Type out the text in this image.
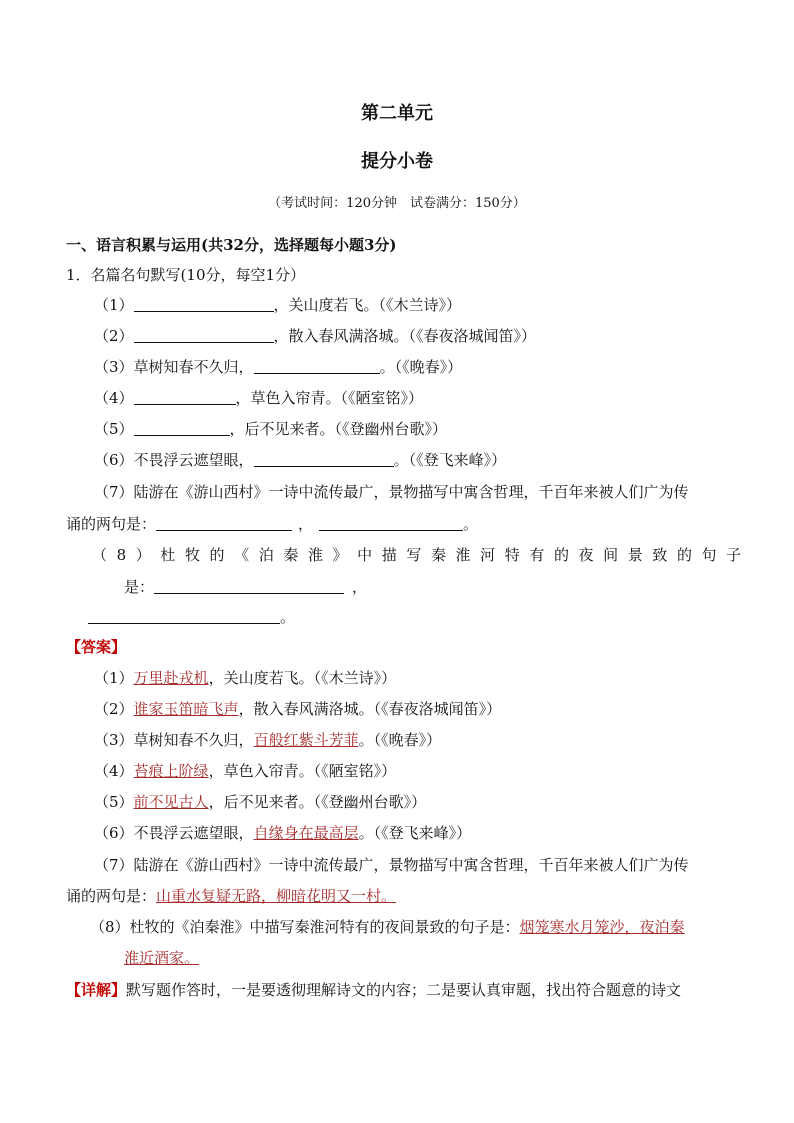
第二单元
提分小卷
（考试时间：120分钟　试卷满分：150分）
一、语言积累与运用(共32分，选择题每小题3分)
1．名篇名句默写(10分，每空1分）
（1）	，关山度若飞。（《木兰诗》）
（2）	，散入春风满洛城。（《春夜洛城闻笛》）
（3）草树知春不久归，	。（《晚春》）
（4）	，草色入帘青。（《陋室铭》）
（5）	，后不见来者。（《登幽州台歌》）
（6）不畏浮云遮望眼，	。（《登飞来峰》）
（7）陆游在《游山西村》一诗中流传最广，景物描写中寓含哲理，千百年来被人们广为传
诵的两句是：	，	。
（8）杜牧的《泊秦淮》中描写秦淮河特有的夜间景致的句子
是：	，
。
【答案】
（1）万里赴戎机，关山度若飞。（《木兰诗》）
（2）谁家玉笛暗飞声，散入春风满洛城。（《春夜洛城闻笛》）
（3）草树知春不久归，百般红紫斗芳菲。（《晚春》）
（4）苔痕上阶绿，草色入帘青。（《陋室铭》）
（5）前不见古人，后不见来者。（《登幽州台歌》）
（6）不畏浮云遮望眼，自缘身在最高层。（《登飞来峰》）
（7）陆游在《游山西村》一诗中流传最广，景物描写中寓含哲理，千百年来被人们广为传
诵的两句是：山重水复疑无路，柳暗花明又一村。
（8）杜牧的《泊秦淮》中描写秦淮河特有的夜间景致的句子是：烟笼寒水月笼沙，夜泊秦
淮近酒家。
【详解】默写题作答时，一是要透彻理解诗文的内容；二是要认真审题，找出符合题意的诗文
